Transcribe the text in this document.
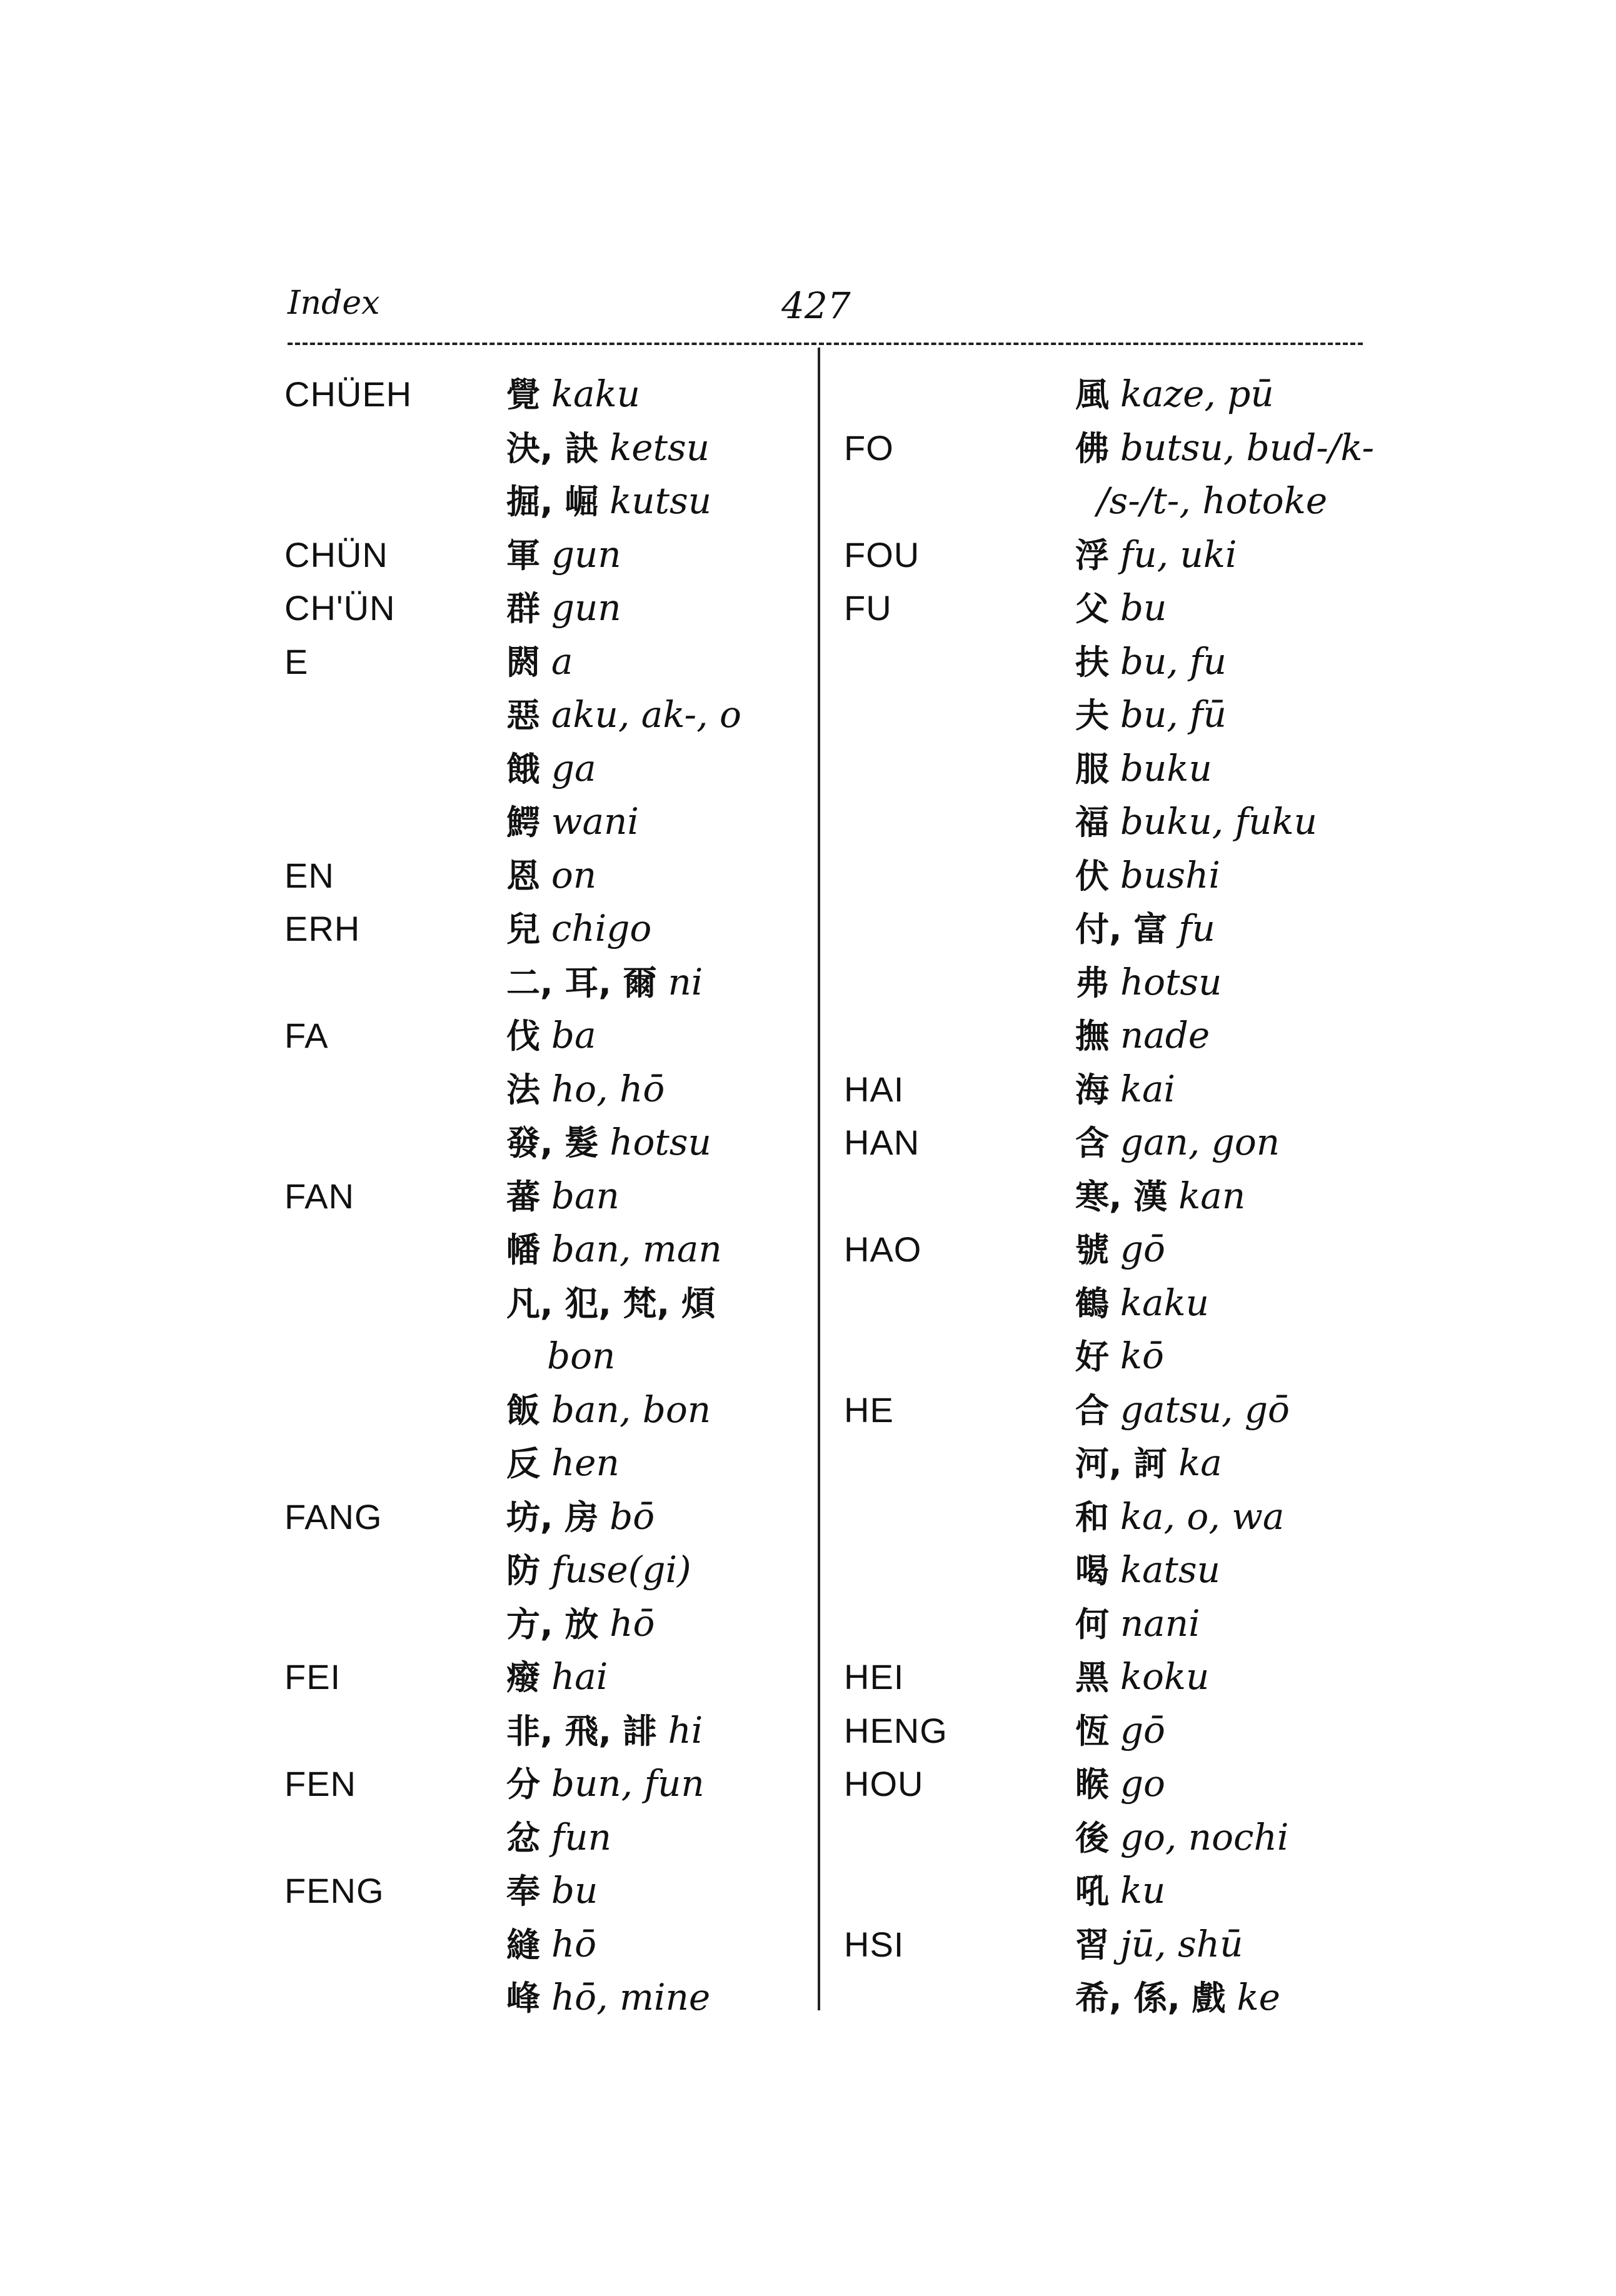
Index	427
CHÜEH	覺 kaku
決, 訣 ketsu
掘, 崛 kutsu
CHÜN	軍 gun
CH'ÜN	群 gun
E	閼 a
惡 aku, ak-, o
餓 ga
鰐 wani
EN	恩 on
ERH	兒 chigo
二, 耳, 爾 ni
FA	伐 ba
法 ho, hō
發, 髮 hotsu
FAN	蕃 ban
幡 ban, man
凡, 犯, 梵, 煩
bon
飯 ban, bon
反 hen
FANG	坊, 房 bō
防 fuse(gi)
方, 放 hō
FEI	癈 hai
非, 飛, 誹 hi
FEN	分 bun, fun
忿 fun
FENG	奉 bu
縫 hō
峰 hō, mine
風 kaze, pū
FO	佛 butsu, bud-/k-
/s-/t-, hotoke
FOU	浮 fu, uki
FU	父 bu
扶 bu, fu
夫 bu, fū
服 buku
福 buku, fuku
伏 bushi
付, 富 fu
弗 hotsu
撫 nade
HAI	海 kai
HAN	含 gan, gon
寒, 漢 kan
HAO	號 gō
鶴 kaku
好 kō
HE	合 gatsu, gō
河, 訶 ka
和 ka, o, wa
喝 katsu
何 nani
HEI	黑 koku
HENG	恆 gō
HOU	睺 go
後 go, nochi
吼 ku
HSI	習 jū, shū
希, 係, 戲 ke
